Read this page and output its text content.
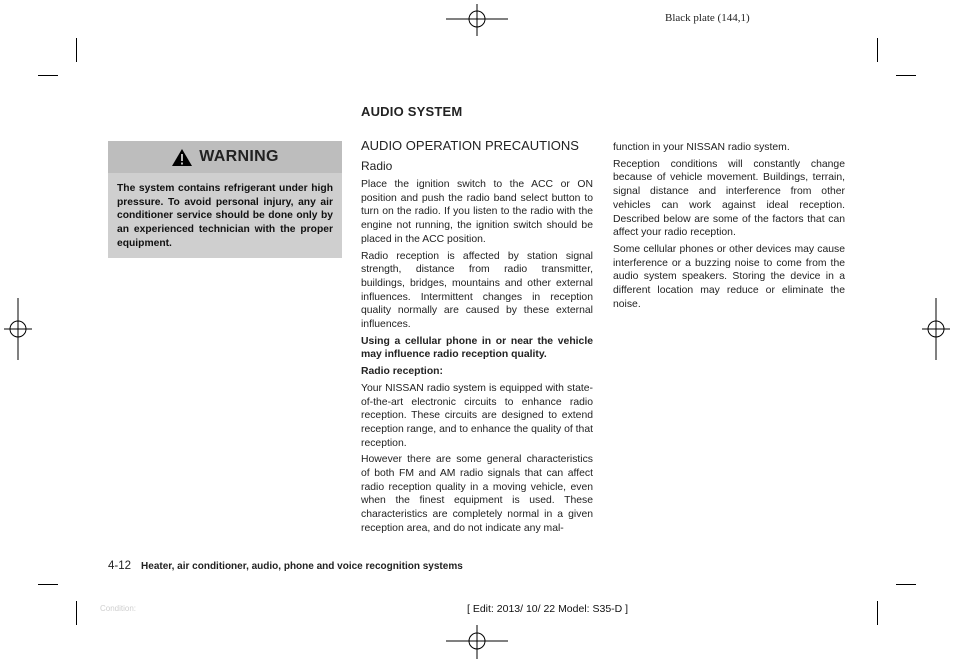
Black plate (144,1)
AUDIO SYSTEM
WARNING
The system contains refrigerant under high pressure. To avoid personal injury, any air conditioner service should be done only by an experienced technician with the proper equipment.
AUDIO OPERATION PRECAUTIONS
Radio

Place the ignition switch to the ACC or ON position and push the radio band select button to turn on the radio. If you listen to the radio with the engine not running, the ignition switch should be placed in the ACC position.

Radio reception is affected by station signal strength, distance from radio transmitter, buildings, bridges, mountains and other external influences. Intermittent changes in reception quality normally are caused by these external influences.

Using a cellular phone in or near the vehicle may influence radio reception quality.

Radio reception:

Your NISSAN radio system is equipped with state-of-the-art electronic circuits to enhance radio reception. These circuits are designed to extend reception range, and to enhance the quality of that reception.

However there are some general characteristics of both FM and AM radio signals that can affect radio reception quality in a moving vehicle, even when the finest equipment is used. These characteristics are completely normal in a given reception area, and do not indicate any mal-

function in your NISSAN radio system.

Reception conditions will constantly change because of vehicle movement. Buildings, terrain, signal distance and interference from other vehicles can work against ideal reception. Described below are some of the factors that can affect your radio reception.

Some cellular phones or other devices may cause interference or a buzzing noise to come from the audio system speakers. Storing the device in a different location may reduce or eliminate the noise.

4-12 Heater, air conditioner, audio, phone and voice recognition systems
Condition:	[ Edit: 2013/ 10/ 22 Model: S35-D ]
